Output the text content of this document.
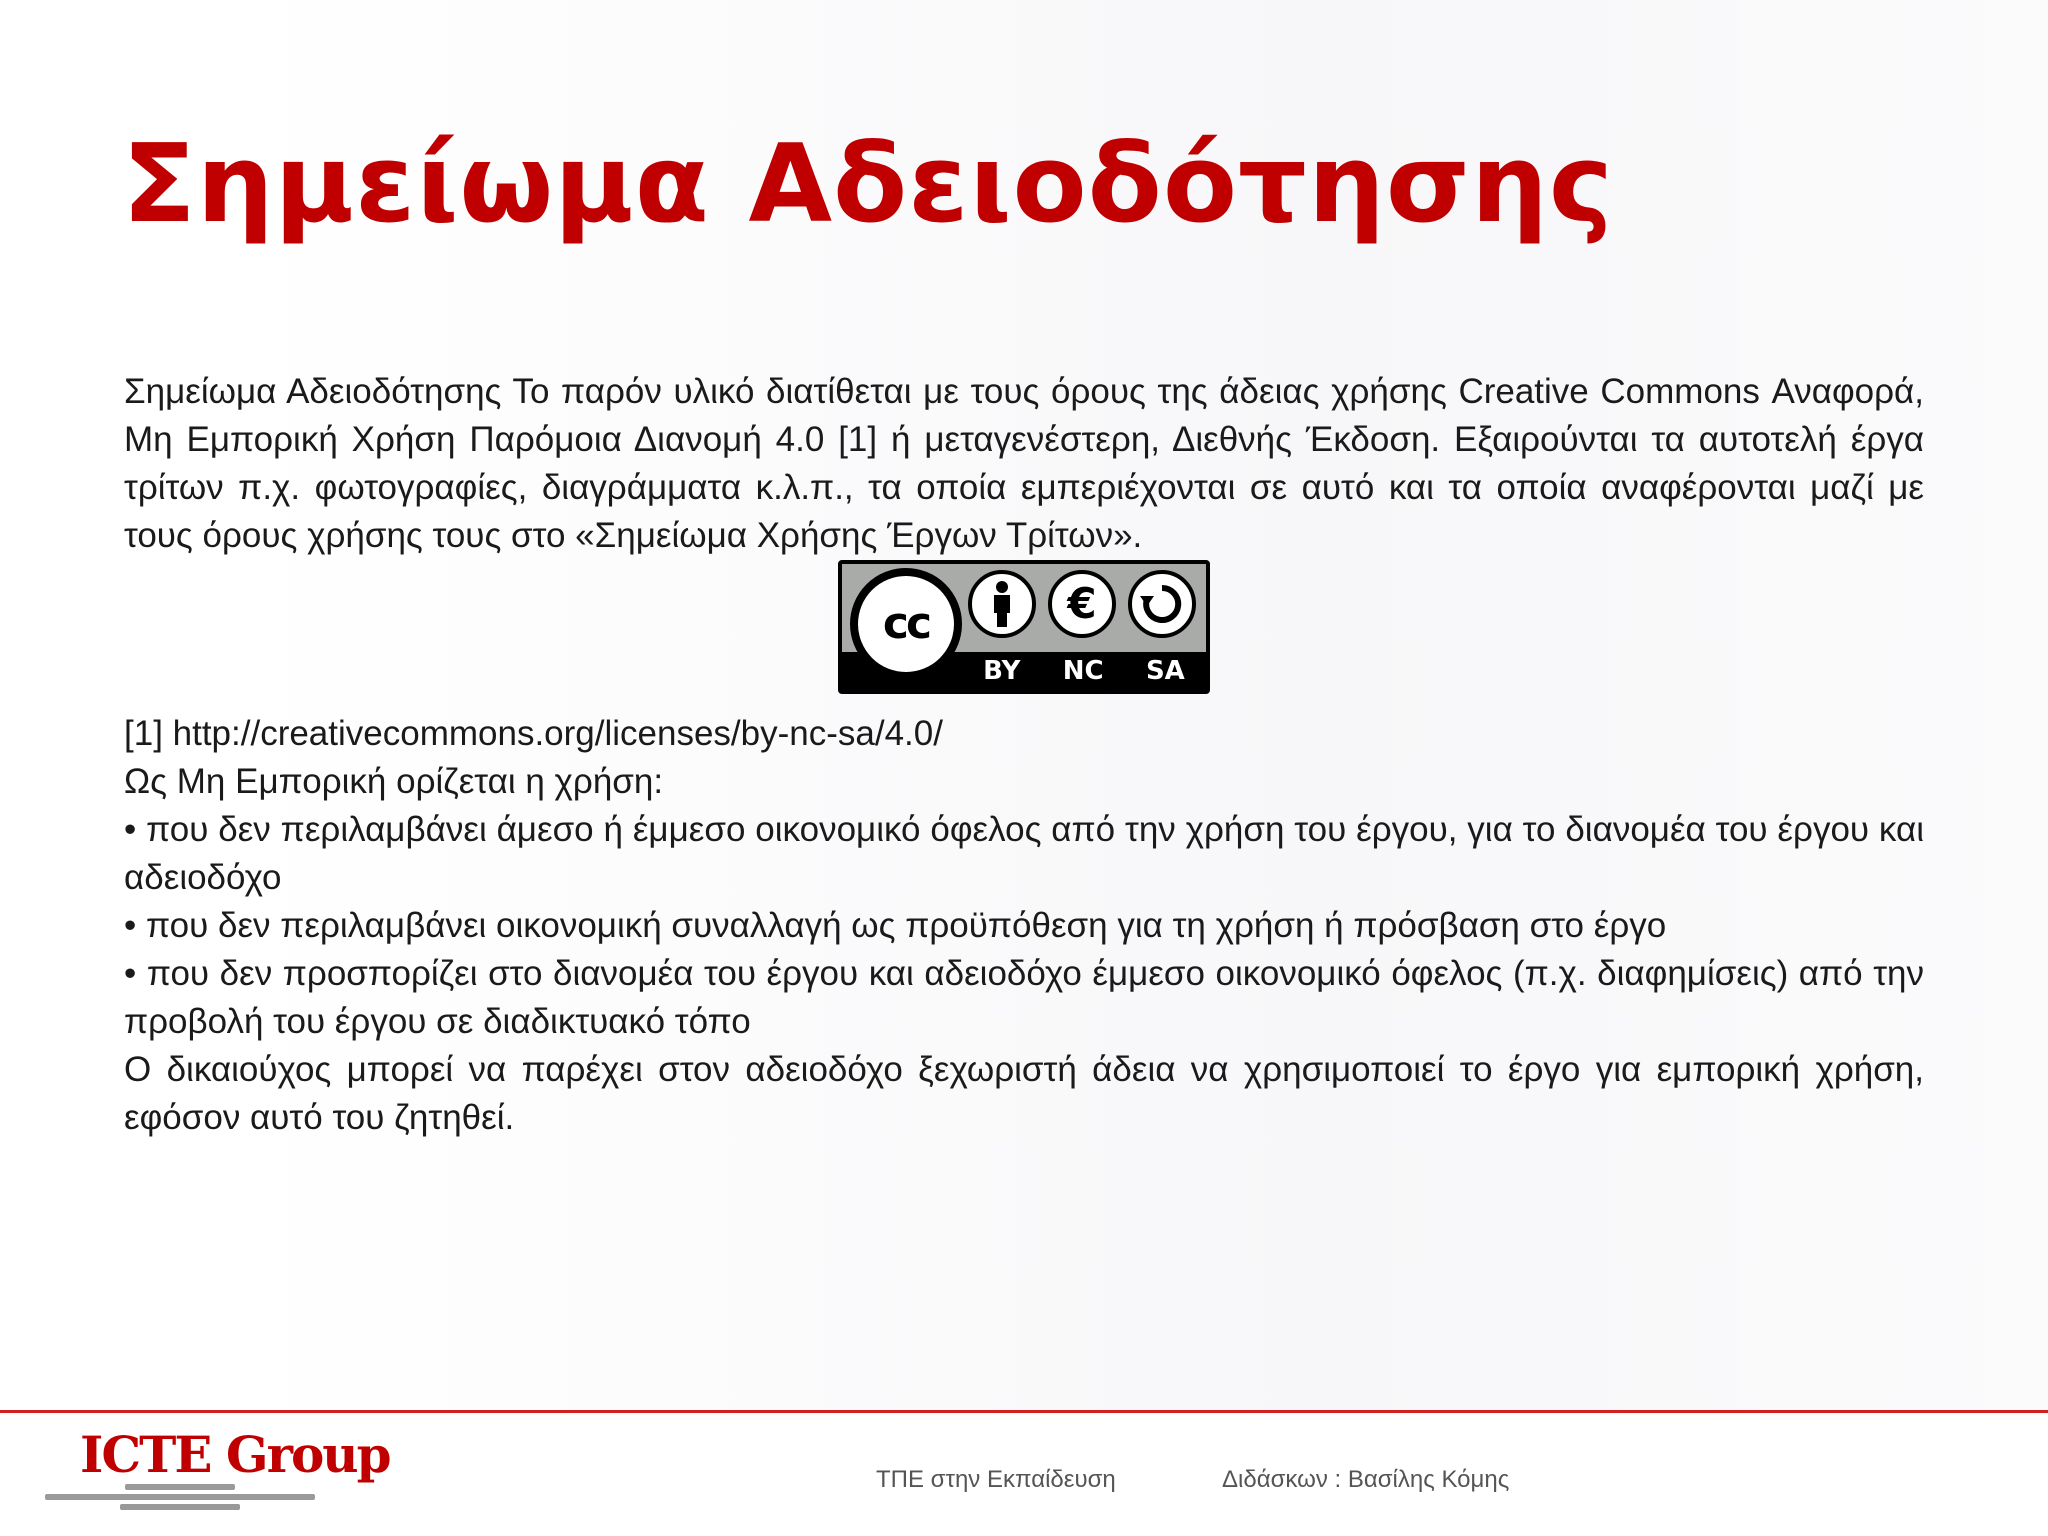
Σημείωμα Αδειοδότησης

Σημείωμα Αδειοδότησης Το παρόν υλικό διατίθεται με τους όρους της άδειας χρήσης Creative Commons Αναφορά, Μη Εμπορική Χρήση Παρόμοια Διανομή 4.0 [1] ή μεταγενέστερη, Διεθνής Έκδοση. Εξαιρούνται τα αυτοτελή έργα τρίτων π.χ. φωτογραφίες, διαγράμματα κ.λ.π., τα οποία εμπεριέχονται σε αυτό και τα οποία αναφέρονται μαζί με τους όρους χρήσης τους στο «Σημείωμα Χρήσης Έργων Τρίτων».

cc	€
BY NC SA

[1] http://creativecommons.org/licenses/by-nc-sa/4.0/

Ως Μη Εμπορική ορίζεται η χρήση:

• που δεν περιλαμβάνει άμεσο ή έμμεσο οικονομικό όφελος από την χρήση του έργου, για το διανομέα του έργου και αδειοδόχο

• που δεν περιλαμβάνει οικονομική συναλλαγή ως προϋπόθεση για τη χρήση ή πρόσβαση στο έργο

• που δεν προσπορίζει στο διανομέα του έργου και αδειοδόχο έμμεσο οικονομικό όφελος (π.χ. διαφημίσεις) από την προβολή του έργου σε διαδικτυακό τόπο

Ο δικαιούχος μπορεί να παρέχει στον αδειοδόχο ξεχωριστή άδεια να χρησιμοποιεί το έργο για εμπορική χρήση, εφόσον αυτό του ζητηθεί.

ICTE Group	ΤΠΕ στην Εκπαίδευση	Διδάσκων : Βασίλης Κόμης
